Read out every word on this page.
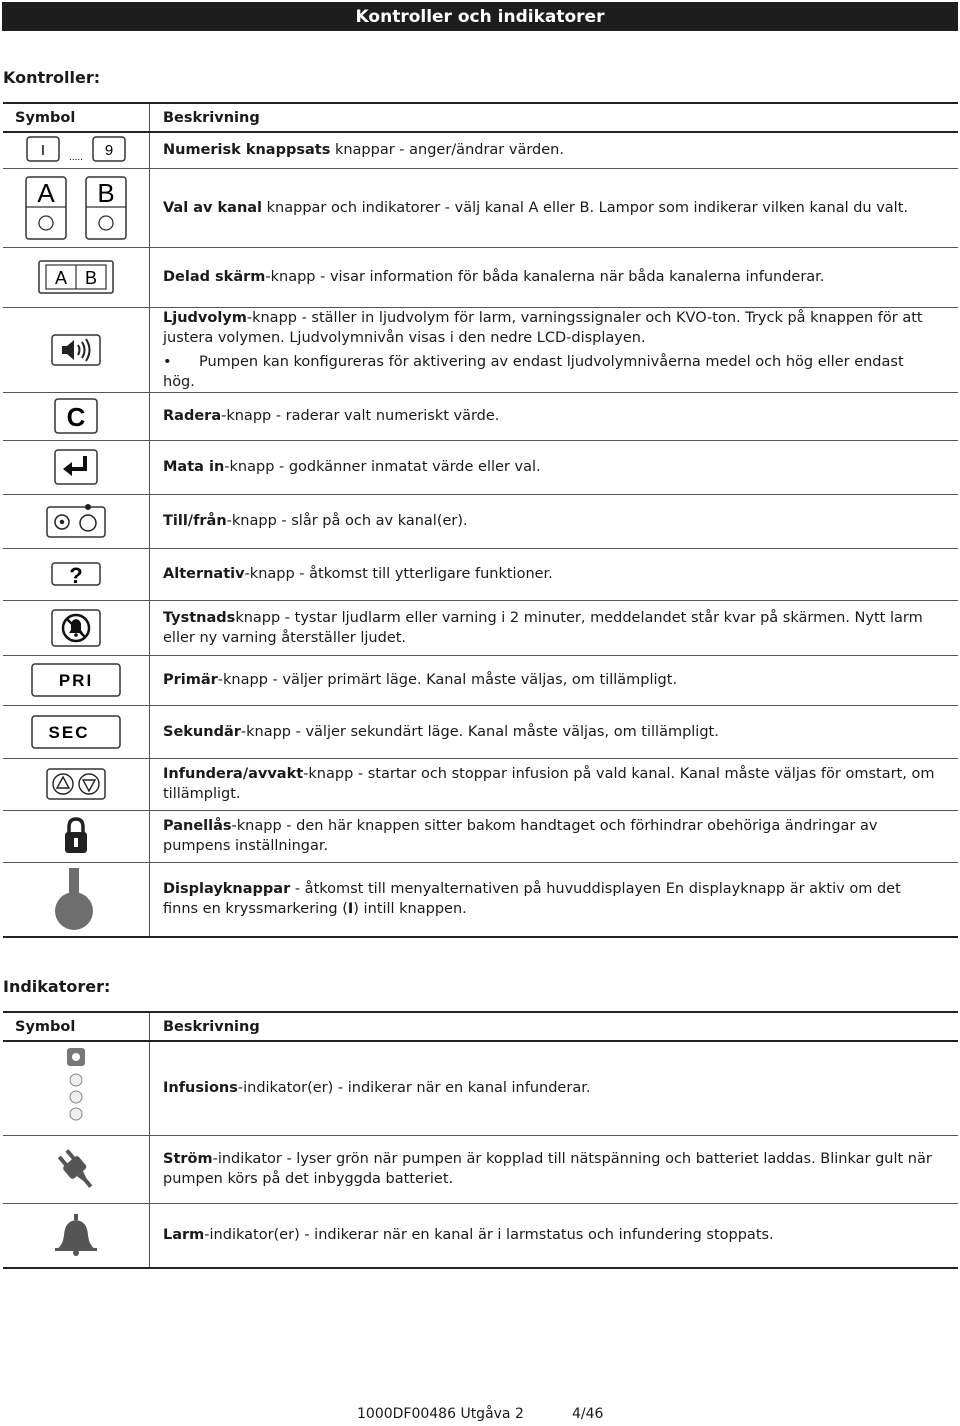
Kontroller och indikatorer
Kontroller:
Symbol	Beskrivning

I ..... 9	Numerisk knappsats knappar - anger/ändrar värden.

A B	Val av kanal knappar och indikatorer - välj kanal A eller B. Lampor som indikerar vilken kanal du valt.

A B	Delad skärm-knapp - visar information för båda kanalerna när båda kanalerna infunderar.
	Ljudvolym-knapp - ställer in ljudvolym för larm, varningssignaler och KVO-ton. Tryck på knappen för att justera volymen. Ljudvolymnivån visas i den nedre LCD-displayen.
• Pumpen kan konfigureras för aktivering av endast ljudvolymnivåerna medel och hög eller endast hög.

C	Radera-knapp - raderar valt numeriskt värde.
	Mata in-knapp - godkänner inmatat värde eller val.
	Till/från-knapp - slår på och av kanal(er).

?	Alternativ-knapp - åtkomst till ytterligare funktioner.
	Tystnadsknapp - tystar ljudlarm eller varning i 2 minuter, meddelandet står kvar på skärmen. Nytt larm eller ny varning återställer ljudet.

PRI	Primär-knapp - väljer primärt läge. Kanal måste väljas, om tillämpligt.

SEC	Sekundär-knapp - väljer sekundärt läge. Kanal måste väljas, om tillämpligt.
	Infundera/avvakt-knapp - startar och stoppar infusion på vald kanal. Kanal måste väljas för omstart, om tillämpligt.
	Panellås-knapp - den här knappen sitter bakom handtaget och förhindrar obehöriga ändringar av pumpens inställningar.
	Displayknappar - åtkomst till menyalternativen på huvuddisplayen En displayknapp är aktiv om det finns en kryssmarkering (I) intill knappen.
Indikatorer:
Symbol	Beskrivning
	Infusions-indikator(er) - indikerar när en kanal infunderar.
	Ström-indikator - lyser grön när pumpen är kopplad till nätspänning och batteriet laddas. Blinkar gult när pumpen körs på det inbyggda batteriet.
	Larm-indikator(er) - indikerar när en kanal är i larmstatus och infundering stoppats.
1000DF00486 Utgåva 2	4/46
